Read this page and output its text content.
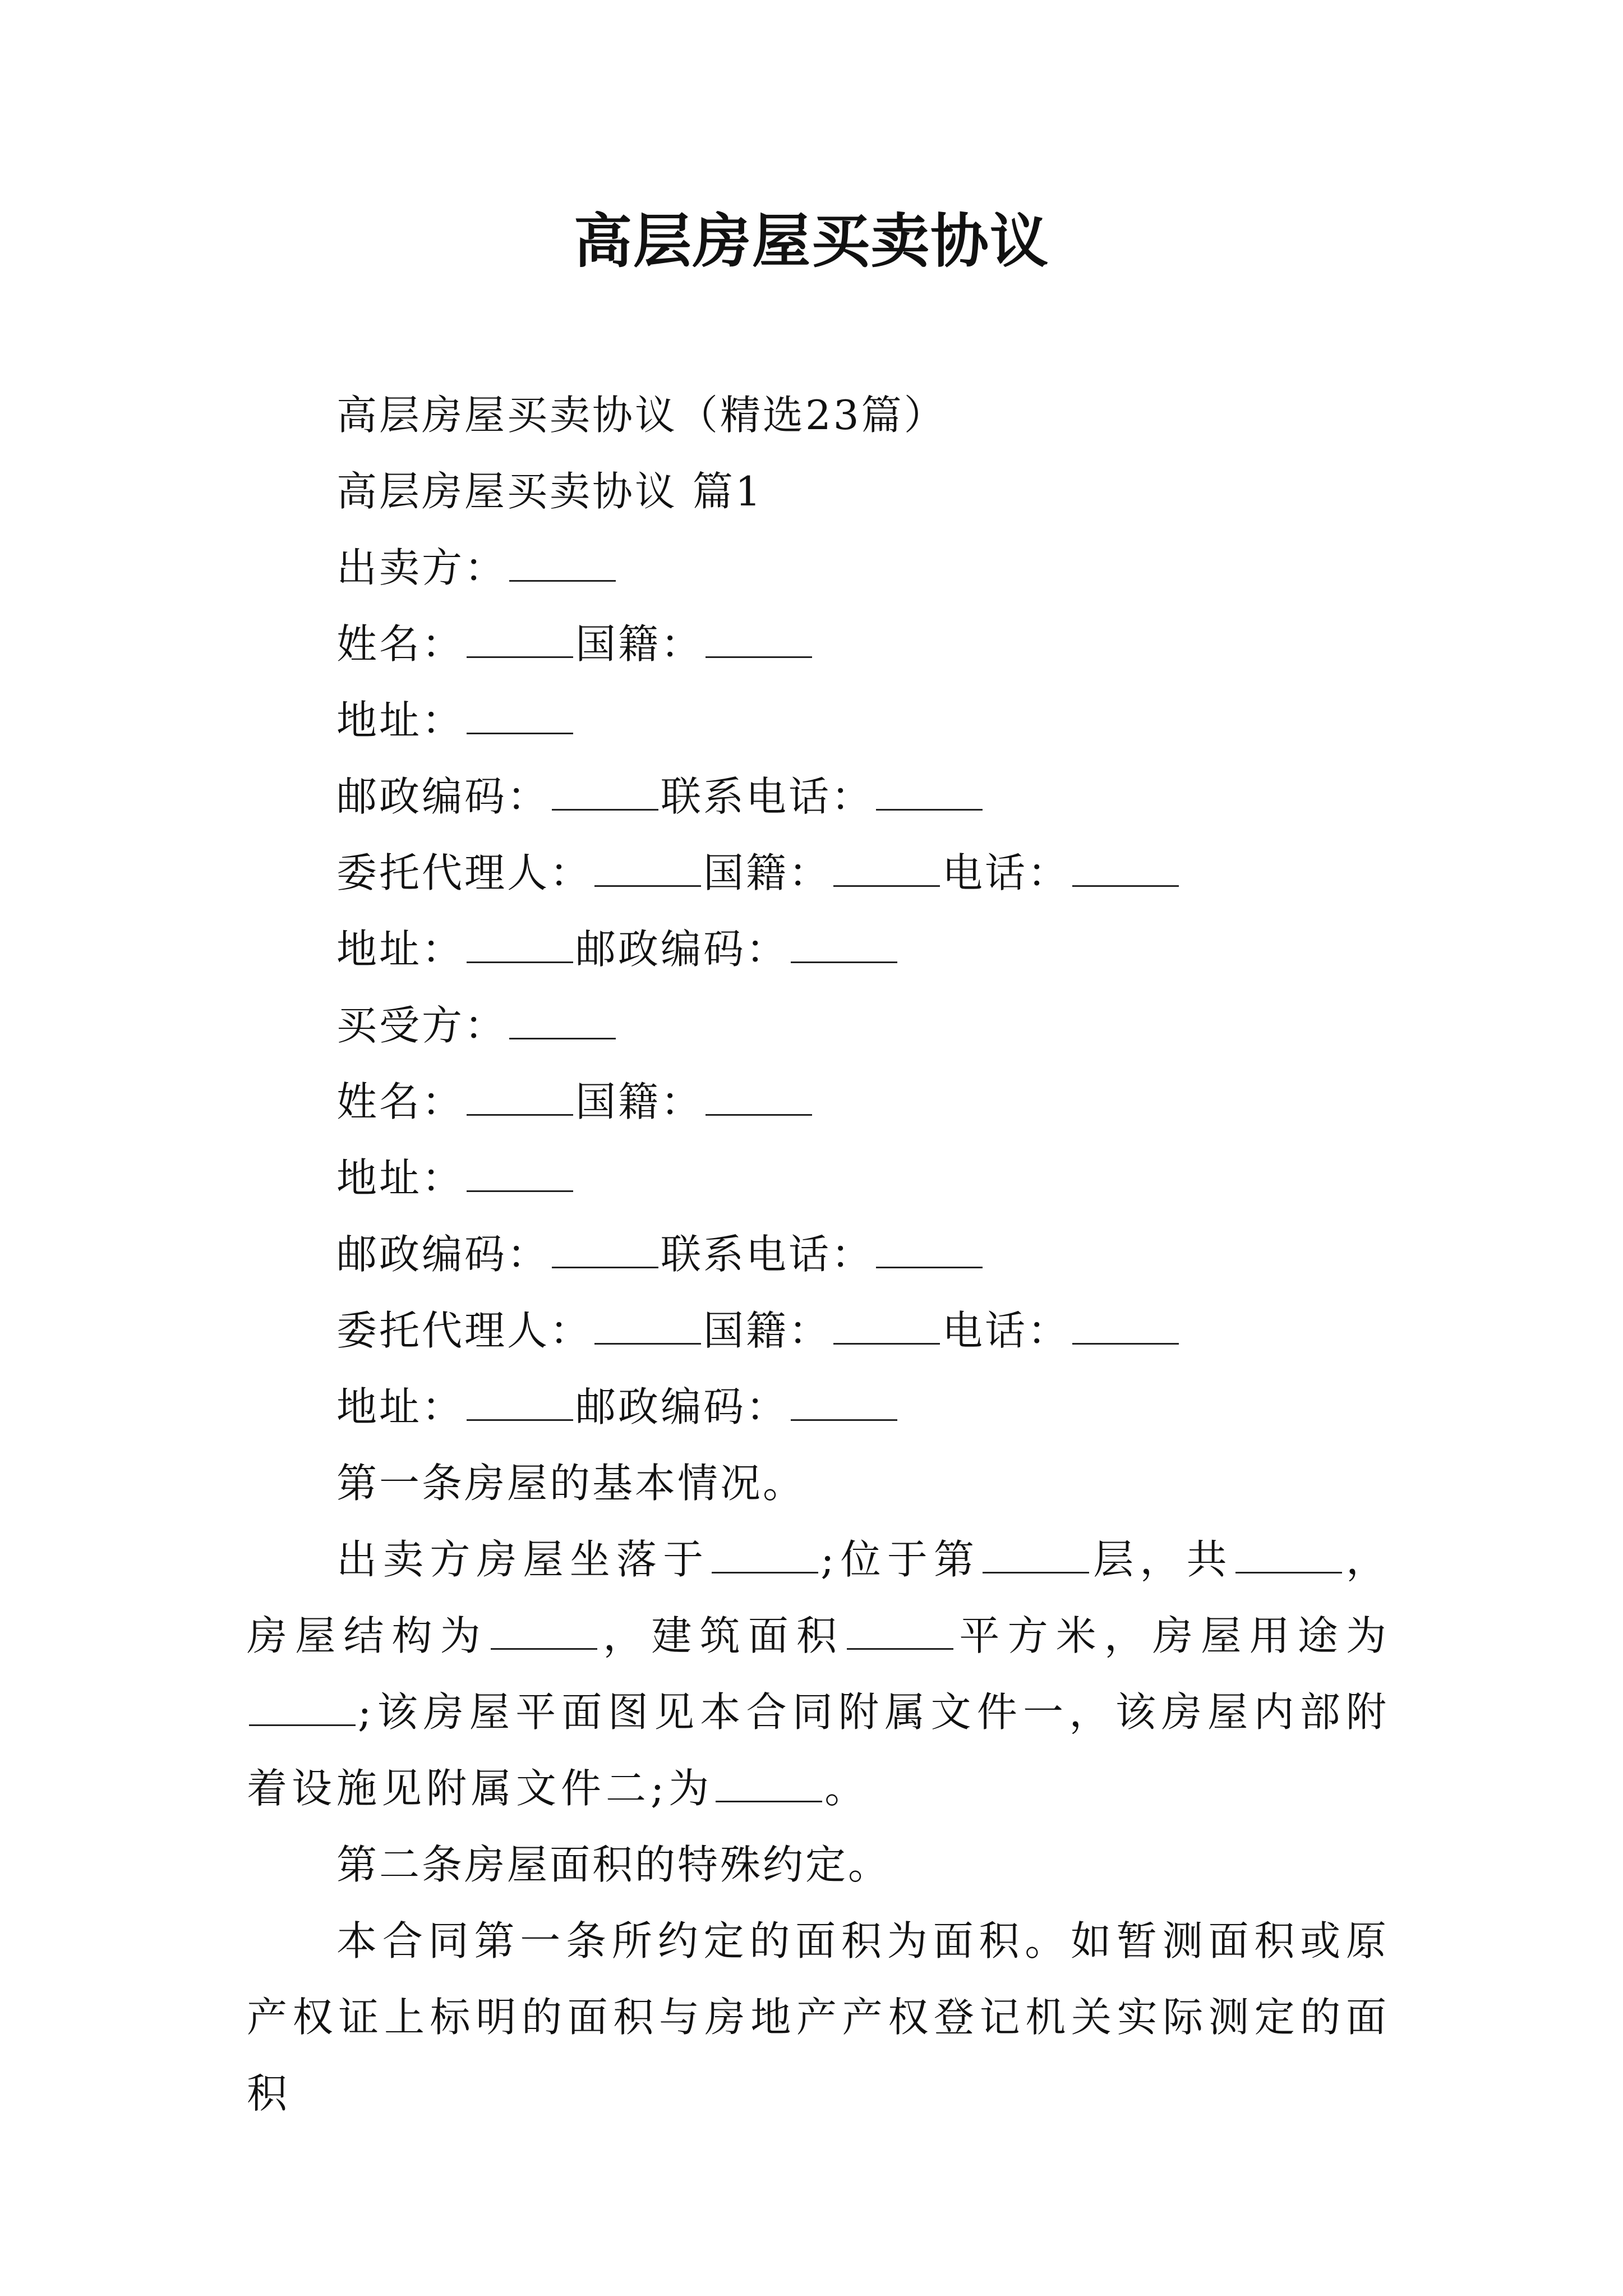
高层房屋买卖协议
高层房屋买卖协议（精选23篇）
高层房屋买卖协议 篇1
出卖方：
姓名：	国籍：
地址：
邮政编码：	联系电话：
委托代理人：	国籍：	电话：
地址：	邮政编码：
买受方：
姓名：	国籍：
地址：
邮政编码：	联系电话：
委托代理人：	国籍：	电话：
地址：	邮政编码：
第一条房屋的基本情况。
出卖方房屋坐落于	;位于第	层，共	，房屋结构为	，建筑面积	平方米，房屋用途为;该房屋平面图见本合同附属文件一，该房屋内部附着设施见附属文件二;为	。
第二条房屋面积的特殊约定。
本合同第一条所约定的面积为面积。如暂测面积或原产权证上标明的面积与房地产产权登记机关实际测定的面积
